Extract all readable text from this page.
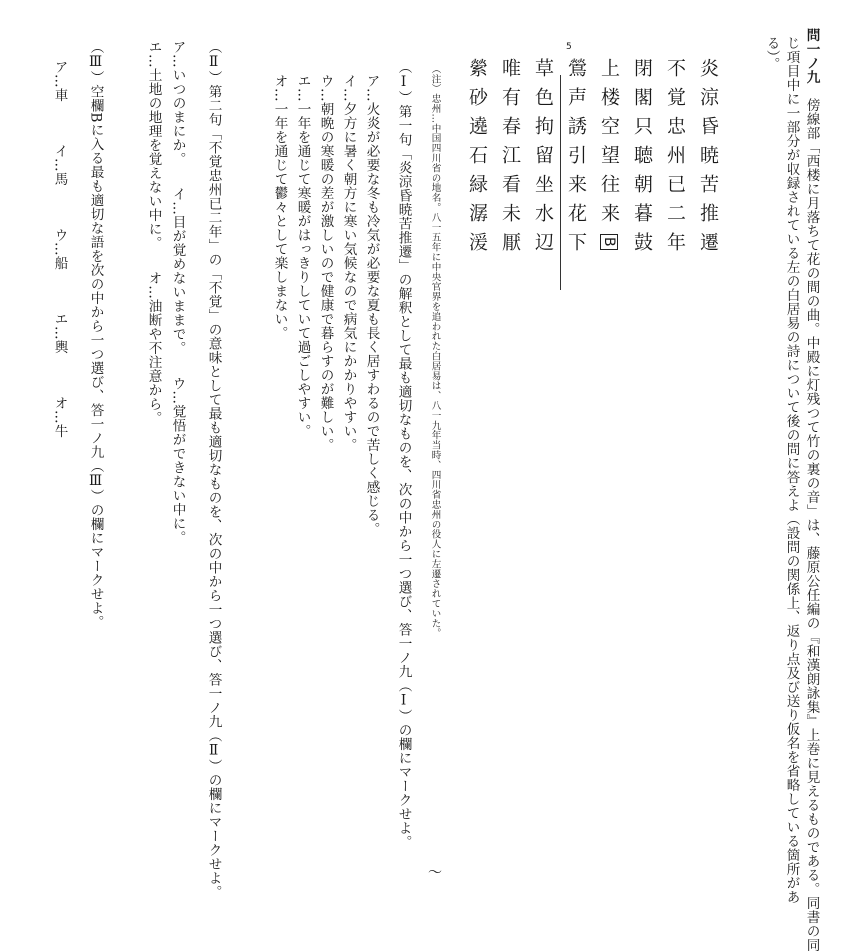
問一ノ九
傍線部「西楼に月落ちて花の間の曲。中殿に灯残つて竹の裏の音」は、藤原公任編の『和漢朗詠集』上巻に見えるものである。同書の同
じ項目中に一部分が収録されている左の白居易の詩について後の問に答えよ（設問の関係上、返り点及び送り仮名を省略している箇所があ
る）。
炎涼昏暁苦推遷
不覚忠州已二年
閉閣只聴朝暮鼓
上楼空望往来B
鶯声誘引来花下
草色拘留坐水辺
唯有春江看未厭
縈砂遶石緑潺湲
5
（注）忠州…中国四川省の地名。八一五年に中央官界を追われた白居易は、八一九年当時、四川省忠州の役人に左遷されていた。
（Ⅰ）第一句「炎涼昏暁苦推遷」の解釈として最も適切なものを、次の中から一つ選び、答一ノ九（Ⅰ）の欄にマークせよ。
ア…火炎が必要な冬も冷気が必要な夏も長く居すわるので苦しく感じる。
イ…夕方に暑く朝方に寒い気候なので病気にかかりやすい。
ウ…朝晩の寒暖の差が激しいので健康で暮らすのが難しい。
エ…一年を通じて寒暖がはっきりしていて過ごしやすい。
オ…一年を通じて鬱々として楽しまない。
（Ⅱ）第二句「不覚忠州已二年」の「不覚」の意味として最も適切なものを、次の中から一つ選び、答一ノ九（Ⅱ）の欄にマークせよ。
ア…いつのまにか。　　イ…目が覚めないままで。　　ウ…覚悟ができない中に。
エ…土地の地理を覚えない中に。　　オ…油断や不注意から。
（Ⅲ）空欄Bに入る最も適切な語を次の中から一つ選び、答一ノ九（Ⅲ）の欄にマークせよ。
ア…車　　　イ…馬　　　ウ…船　　　エ…輿　　　オ…牛
〜
